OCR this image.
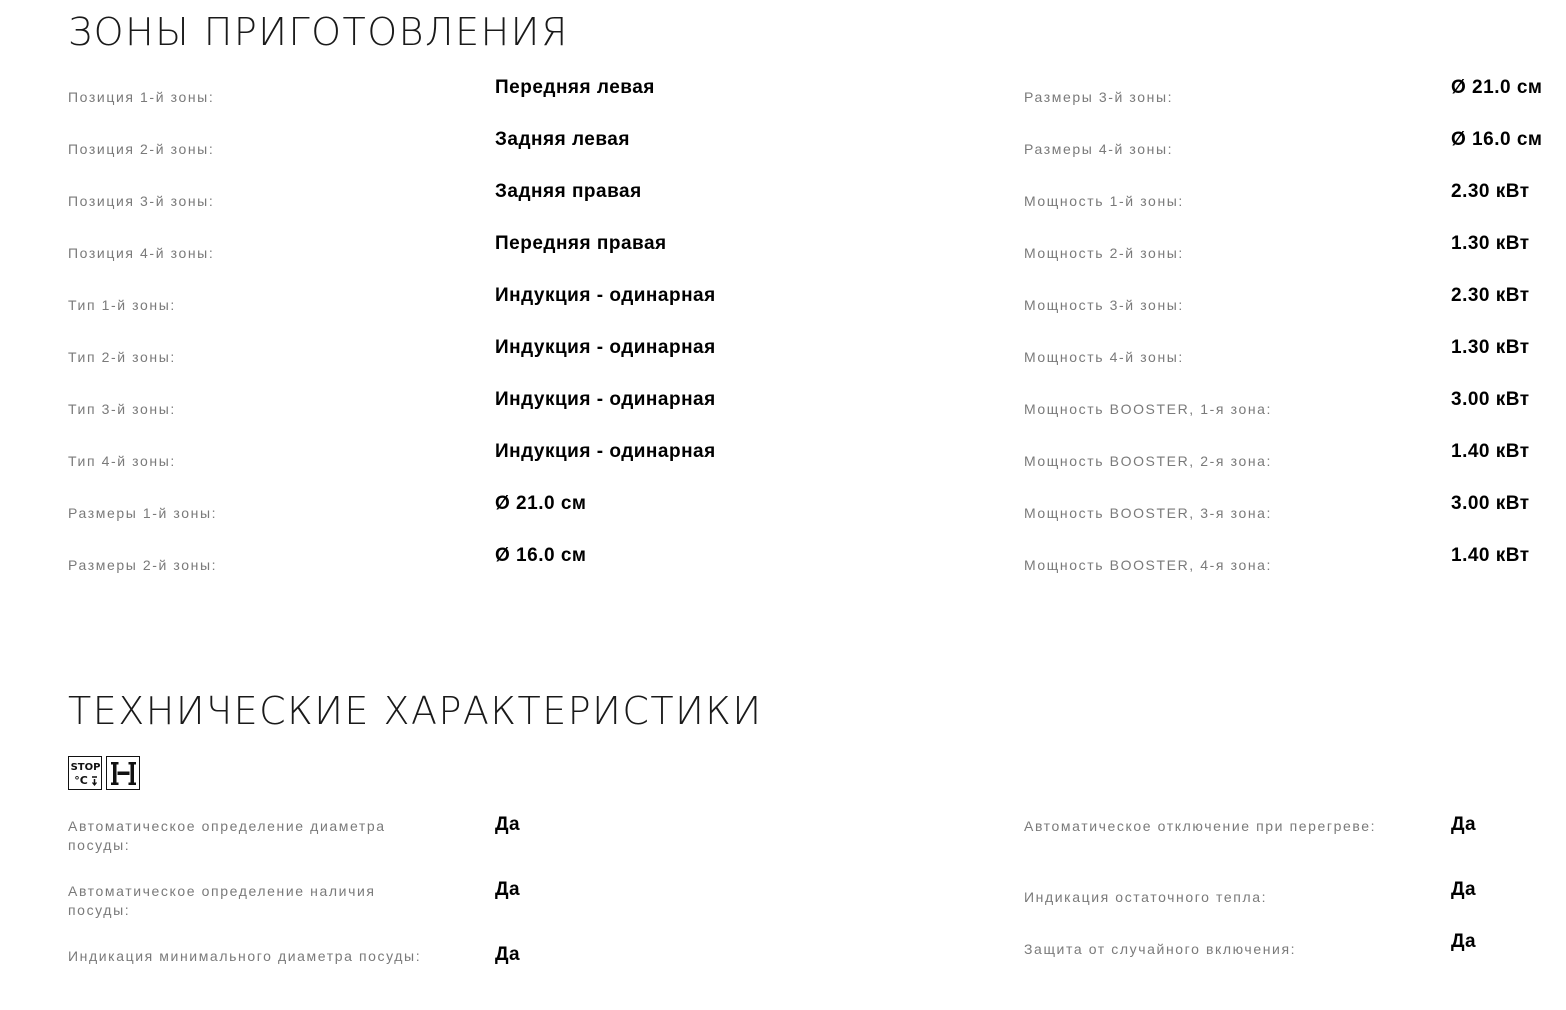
ЗОНЫ ПРИГОТОВЛЕНИЯ
Позиция 1-й зоны:	Передняя левая
Позиция 2-й зоны:	Задняя левая
Позиция 3-й зоны:	Задняя правая
Позиция 4-й зоны:	Передняя правая
Тип 1-й зоны:	Индукция - одинарная
Тип 2-й зоны:	Индукция - одинарная
Тип 3-й зоны:	Индукция - одинарная
Тип 4-й зоны:	Индукция - одинарная
Размеры 1-й зоны:	Ø 21.0 см
Размеры 2-й зоны:	Ø 16.0 см
Размеры 3-й зоны:	Ø 21.0 см
Размеры 4-й зоны:	Ø 16.0 см
Мощность 1-й зоны:	2.30 кВт
Мощность 2-й зоны:	1.30 кВт
Мощность 3-й зоны:	2.30 кВт
Мощность 4-й зоны:	1.30 кВт
Мощность BOOSTER, 1-я зона:	3.00 кВт
Мощность BOOSTER, 2-я зона:	1.40 кВт
Мощность BOOSTER, 3-я зона:	3.00 кВт
Мощность BOOSTER, 4-я зона:	1.40 кВт
ТЕХНИЧЕСКИЕ ХАРАКТЕРИСТИКИ
STOP
°C
Автоматическое определение диаметра посуды:
Да
Автоматическое определение наличия посуды:
Да
Индикация минимального диаметра посуды:	Да
Автоматическое отключение при перегреве:	Да
Индикация остаточного тепла:	Да
Защита от случайного включения:	Да
